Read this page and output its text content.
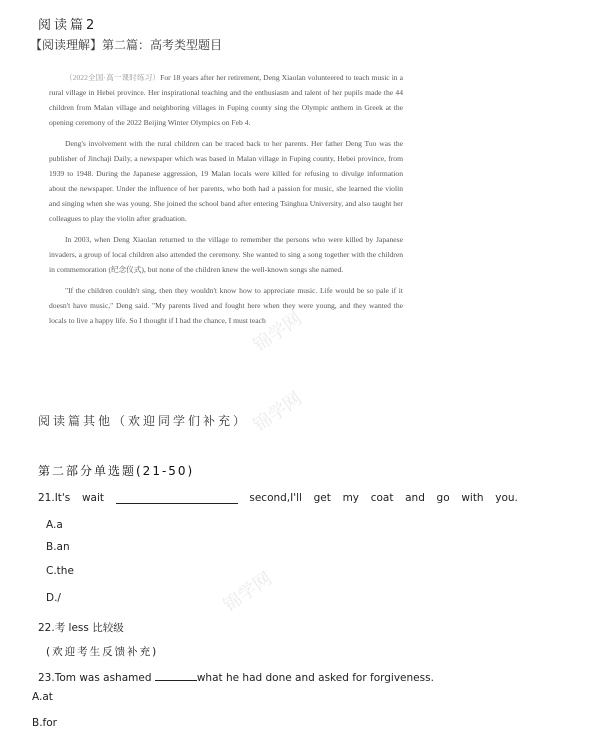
阅读篇2
【阅读理解】第二篇：高考类型题目

（2022全国·高一课时练习）For 18 years after her retirement, Deng Xiaolan volunteered to teach music in a rural village in Hebei province. Her inspirational teaching and the enthusiasm and talent of her pupils made the 44 children from Malan village and neighboring villages in Fuping county sing the Olympic anthem in Greek at the opening ceremony of the 2022 Beijing Winter Olympics on Feb 4.

Deng's involvement with the rural children can be traced back to her parents. Her father Deng Tuo was the publisher of Jinchaji Daily, a newspaper which was based in Malan village in Fuping county, Hebei province, from 1939 to 1948. During the Japanese aggression, 19 Malan locals were killed for refusing to divulge information about the newspaper. Under the influence of her parents, who both had a passion for music, she learned the violin and singing when she was young. She joined the school band after entering Tsinghua University, and also taught her colleagues to play the violin after graduation.

In 2003, when Deng Xiaolan returned to the village to remember the persons who were killed by Japanese invaders, a group of local children also attended the ceremony. She wanted to sing a song together with the children in commemoration (纪念仪式), but none of the children knew the well-known songs she named.

"If the children couldn't sing, then they wouldn't know how to appreciate music. Life would be so pale if it doesn't have music," Deng said. "My parents lived and fought here when they were young, and they wanted the locals to live a happy life. So I thought if I had the chance, I must teach

锦学网
锦学网
锦学网
阅读篇其他（欢迎同学们补充）
第二部分单选题(21-50)
21.It's wait	second,I'll get my coat and go with you.
A.a
B.an
C.the
D./
22.考 less 比较级
(欢迎考生反馈补充)
23.Tom was ashamed	what he had done and asked for forgiveness.
A.at
B.for
